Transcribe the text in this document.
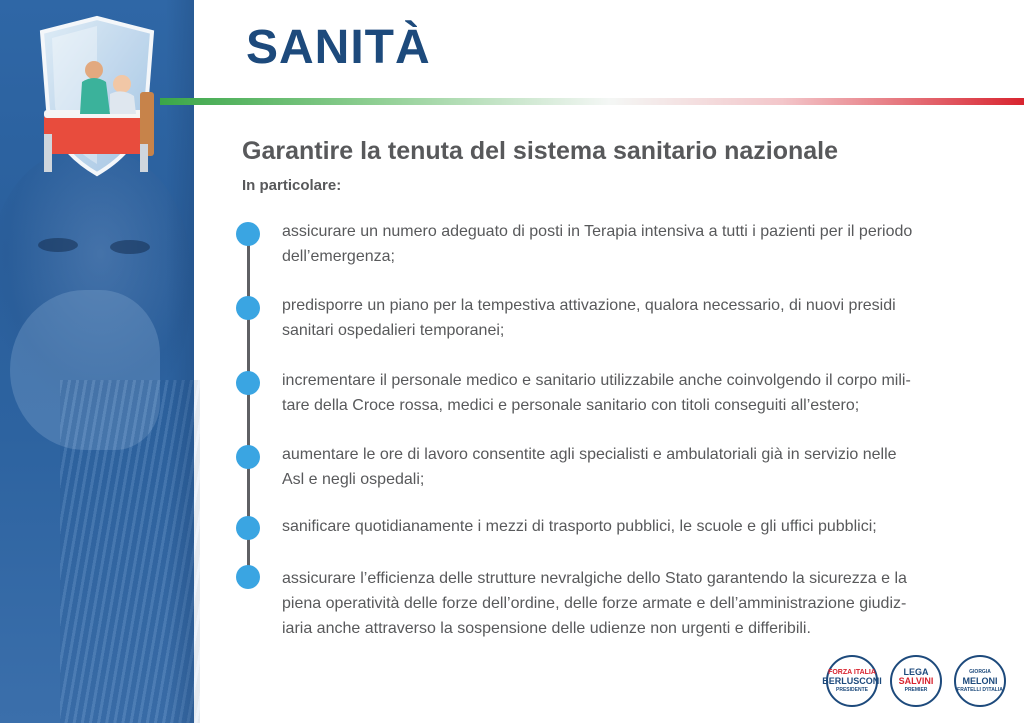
SANITÀ
Garantire la tenuta del sistema sanitario nazionale

In particolare:

assicurare un numero adeguato di posti in Terapia intensiva a tutti i pazienti per il periodo
dell’emergenza;

predisporre un piano per la tempestiva attivazione, qualora necessario, di nuovi presidi
sanitari ospedalieri temporanei;

incrementare il personale medico e sanitario utilizzabile anche coinvolgendo il corpo mili-
tare della Croce rossa, medici e personale sanitario con titoli conseguiti all’estero;

aumentare le ore di lavoro consentite agli specialisti e ambulatoriali già in servizio nelle
Asl e negli ospedali;

sanificare quotidianamente i mezzi di trasporto pubblici, le scuole e gli uffici pubblici;

assicurare l’efficienza delle strutture nevralgiche dello Stato garantendo la sicurezza e la
piena operatività delle forze dell’ordine, delle forze armate e dell’amministrazione giudiz-
iaria anche attraverso la sospensione delle udienze non urgenti e differibili.

FORZA ITALIA
BERLUSCONI
PRESIDENTE
LEGA
SALVINI
PREMIER
GIORGIA
MELONI
FRATELLI D'ITALIA
